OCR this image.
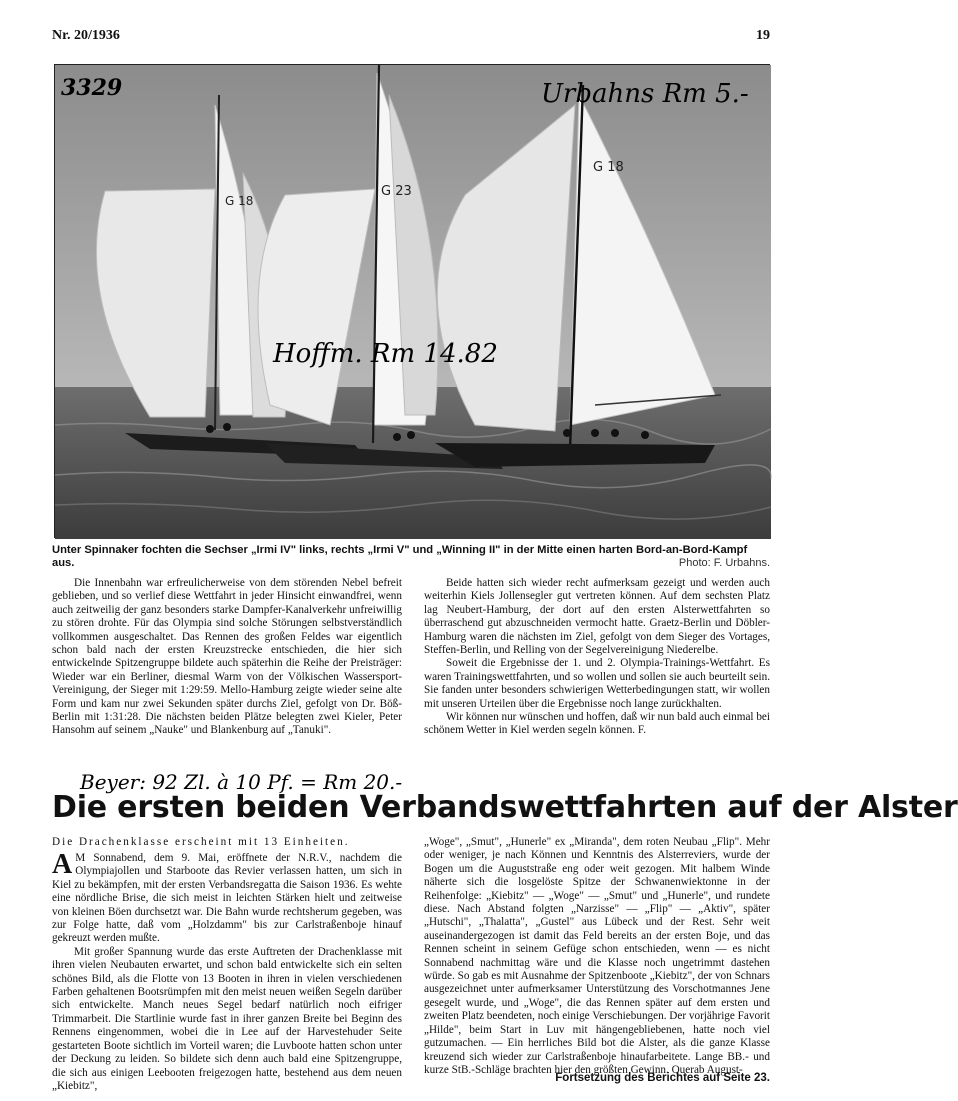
Nr. 20/1936	19
G 18
G 23
G 18
3329	Urbahns Rm 5.-
Hoffm. Rm 14.82
Unter Spinnaker fochten die Sechser „Irmi IV" links, rechts „Irmi V" und „Winning II" in der Mitte einen harten Bord-an-Bord-Kampf aus.	Photo: F. Urbahns.

Die Innenbahn war erfreulicherweise von dem störenden Nebel befreit geblieben, und so verlief diese Wettfahrt in jeder Hinsicht einwandfrei, wenn auch zeitweilig der ganz besonders starke Dampfer-Kanalverkehr unfreiwillig zu stören drohte. Für das Olympia sind solche Störungen selbstverständlich vollkommen ausgeschaltet. Das Rennen des großen Feldes war eigentlich schon bald nach der ersten Kreuzstrecke entschieden, die hier sich entwickelnde Spitzengruppe bildete auch späterhin die Reihe der Preisträger: Wieder war ein Berliner, diesmal Warm von der Völkischen Wassersport-Vereinigung, der Sieger mit 1:29:59. Mello-Hamburg zeigte wieder seine alte Form und kam nur zwei Sekunden später durchs Ziel, gefolgt von Dr. Böß-Berlin mit 1:31:28. Die nächsten beiden Plätze belegten zwei Kieler, Peter Hansohm auf seinem „Nauke" und Blankenburg auf „Tanuki".

Beide hatten sich wieder recht aufmerksam gezeigt und werden auch weiterhin Kiels Jollensegler gut vertreten können. Auf dem sechsten Platz lag Neubert-Hamburg, der dort auf den ersten Alsterwettfahrten so überraschend gut abzuschneiden vermocht hatte. Graetz-Berlin und Döbler-Hamburg waren die nächsten im Ziel, gefolgt von dem Sieger des Vortages, Steffen-Berlin, und Relling von der Segelvereinigung Niederelbe.

Soweit die Ergebnisse der 1. und 2. Olympia-Trainings-Wettfahrt. Es waren Trainingswettfahrten, und so wollen und sollen sie auch beurteilt sein. Sie fanden unter besonders schwierigen Wetterbedingungen statt, wir wollen mit unseren Urteilen über die Ergebnisse noch lange zurückhalten.

Wir können nur wünschen und hoffen, daß wir nun bald auch einmal bei schönem Wetter in Kiel werden segeln können. F.

Beyer: 92 Zl. à 10 Pf. = Rm 20.-
Die ersten beiden Verbandswettfahrten auf der Alster
Die Drachenklasse erscheint mit 13 Einheiten.

A M Sonnabend, dem 9. Mai, eröffnete der N.R.V., nachdem die Olympiajollen und Starboote das Revier verlassen hatten, um sich in Kiel zu bekämpfen, mit der ersten Verbandsregatta die Saison 1936. Es wehte eine nördliche Brise, die sich meist in leichten Stärken hielt und zeitweise von kleinen Böen durchsetzt war. Die Bahn wurde rechtsherum gegeben, was zur Folge hatte, daß vom „Holzdamm" bis zur Carlstraßenboje hinauf gekreuzt werden mußte.

Mit großer Spannung wurde das erste Auftreten der Drachenklasse mit ihren vielen Neubauten erwartet, und schon bald entwickelte sich ein selten schönes Bild, als die Flotte von 13 Booten in ihren in vielen verschiedenen Farben gehaltenen Bootsrümpfen mit den meist neuen weißen Segeln darüber sich entwickelte. Manch neues Segel bedarf natürlich noch eifriger Trimmarbeit. Die Startlinie wurde fast in ihrer ganzen Breite bei Beginn des Rennens eingenommen, wobei die in Lee auf der Harvestehuder Seite gestarteten Boote sichtlich im Vorteil waren; die Luvboote hatten schon unter der Deckung zu leiden. So bildete sich denn auch bald eine Spitzengruppe, die sich aus einigen Leebooten freigezogen hatte, bestehend aus dem neuen „Kiebitz",

„Woge", „Smut", „Hunerle" ex „Miranda", dem roten Neubau „Flip". Mehr oder weniger, je nach Können und Kenntnis des Alsterreviers, wurde der Bogen um die Auguststraße eng oder weit gezogen. Mit halbem Winde näherte sich die losgelöste Spitze der Schwanenwiektonne in der Reihenfolge: „Kiebitz" — „Woge" — „Smut" und „Hunerle", und rundete diese. Nach Abstand folgten „Narzisse" — „Flip" — „Aktiv", später „Hutschi", „Thalatta", „Gustel" aus Lübeck und der Rest. Sehr weit auseinandergezogen ist damit das Feld bereits an der ersten Boje, und das Rennen scheint in seinem Gefüge schon entschieden, wenn — es nicht Sonnabend nachmittag wäre und die Klasse noch ungetrimmt dastehen würde. So gab es mit Ausnahme der Spitzenboote „Kiebitz", der von Schnars ausgezeichnet unter aufmerksamer Unterstützung des Vorschotmannes Jene gesegelt wurde, und „Woge", die das Rennen später auf dem ersten und zweiten Platz beendeten, noch einige Verschiebungen. Der vorjährige Favorit „Hilde", beim Start in Luv mit hängengebliebenen, hatte noch viel gutzumachen. — Ein herrliches Bild bot die Alster, als die ganze Klasse kreuzend sich wieder zur Carlstraßenboje hinaufarbeitete. Lange BB.- und kurze StB.-Schläge brachten hier den größten Gewinn. Querab August-

Fortsetzung des Berichtes auf Seite 23.
